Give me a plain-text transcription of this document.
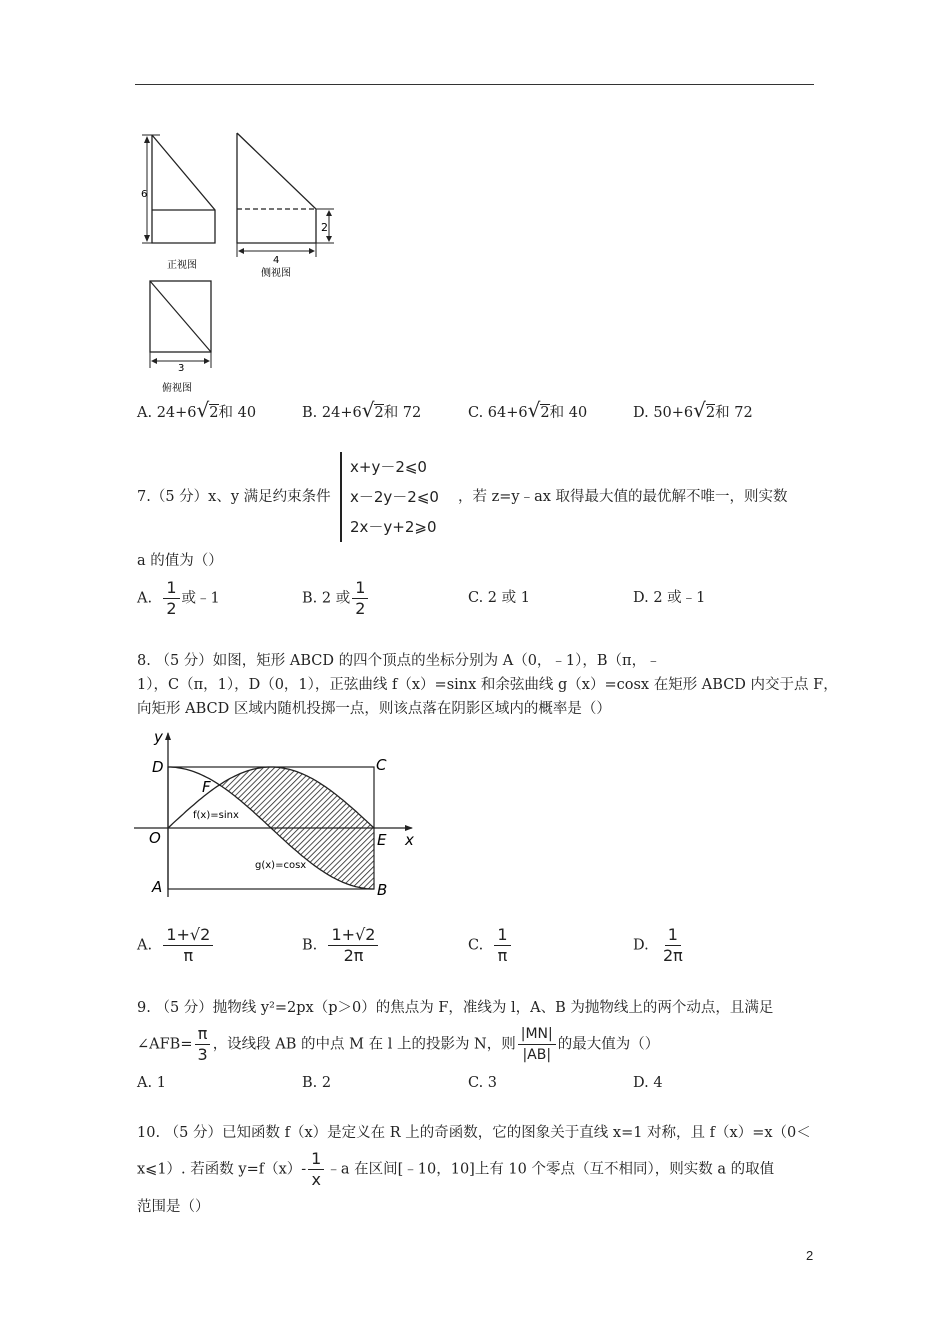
6
正视图
2
4
侧视图
3
俯视图
A. 24+6√2和 40	B. 24+6√2和 72	C. 64+6√2和 40	D. 50+6√2和 72
7.（5 分）x、y 满足约束条件
x+y－2⩽0
x－2y－2⩽0
2x－y+2⩾0
，若 z=y﹣ax 取得最大值的最优解不唯一，则实数
a 的值为（）
A. $\frac{1}{2}$ 或﹣1	B. 2 或 $\frac{1}{2}$	C. 2 或 1	D. 2 或﹣1
8. （5 分）如图，矩形 ABCD 的四个顶点的坐标分别为 A（0，﹣1），B（π，﹣
1），C（π，1），D（0，1），正弦曲线 f（x）=sinx 和余弦曲线 g（x）=cosx 在矩形 ABCD 内交于点 F，
向矩形 ABCD 区域内随机投掷一点，则该点落在阴影区域内的概率是（）
y
x
D	C
O	E
A	B
F
f(x)=sinx
g(x)=cosx
A. $\frac{1+√2}{\pi}$	B. $\frac{1+√2}{2\pi}$	C. $\frac{1}{\pi}$	D. $\frac{1}{2\pi}$
9. （5 分）抛物线 y²=2px（p＞0）的焦点为 F，准线为 l，A、B 为抛物线上的两个动点，且满足
∠AFB= $\frac{\pi}{3}$ ，设线段 AB 的中点 M 在 l 上的投影为 N，则 $\frac{|MN|}{|AB|}$ 的最大值为（）
A. 1	B. 2	C. 3	D. 4
10. （5 分）已知函数 f（x）是定义在 R 上的奇函数，它的图象关于直线 x=1 对称，且 f（x）=x（0＜
x⩽1）. 若函数 $y=f(x)- \frac{1}{x}$ ﹣a 在区间[﹣10，10]上有 10 个零点（互不相同），则实数 a 的取值
范围是（）
2
